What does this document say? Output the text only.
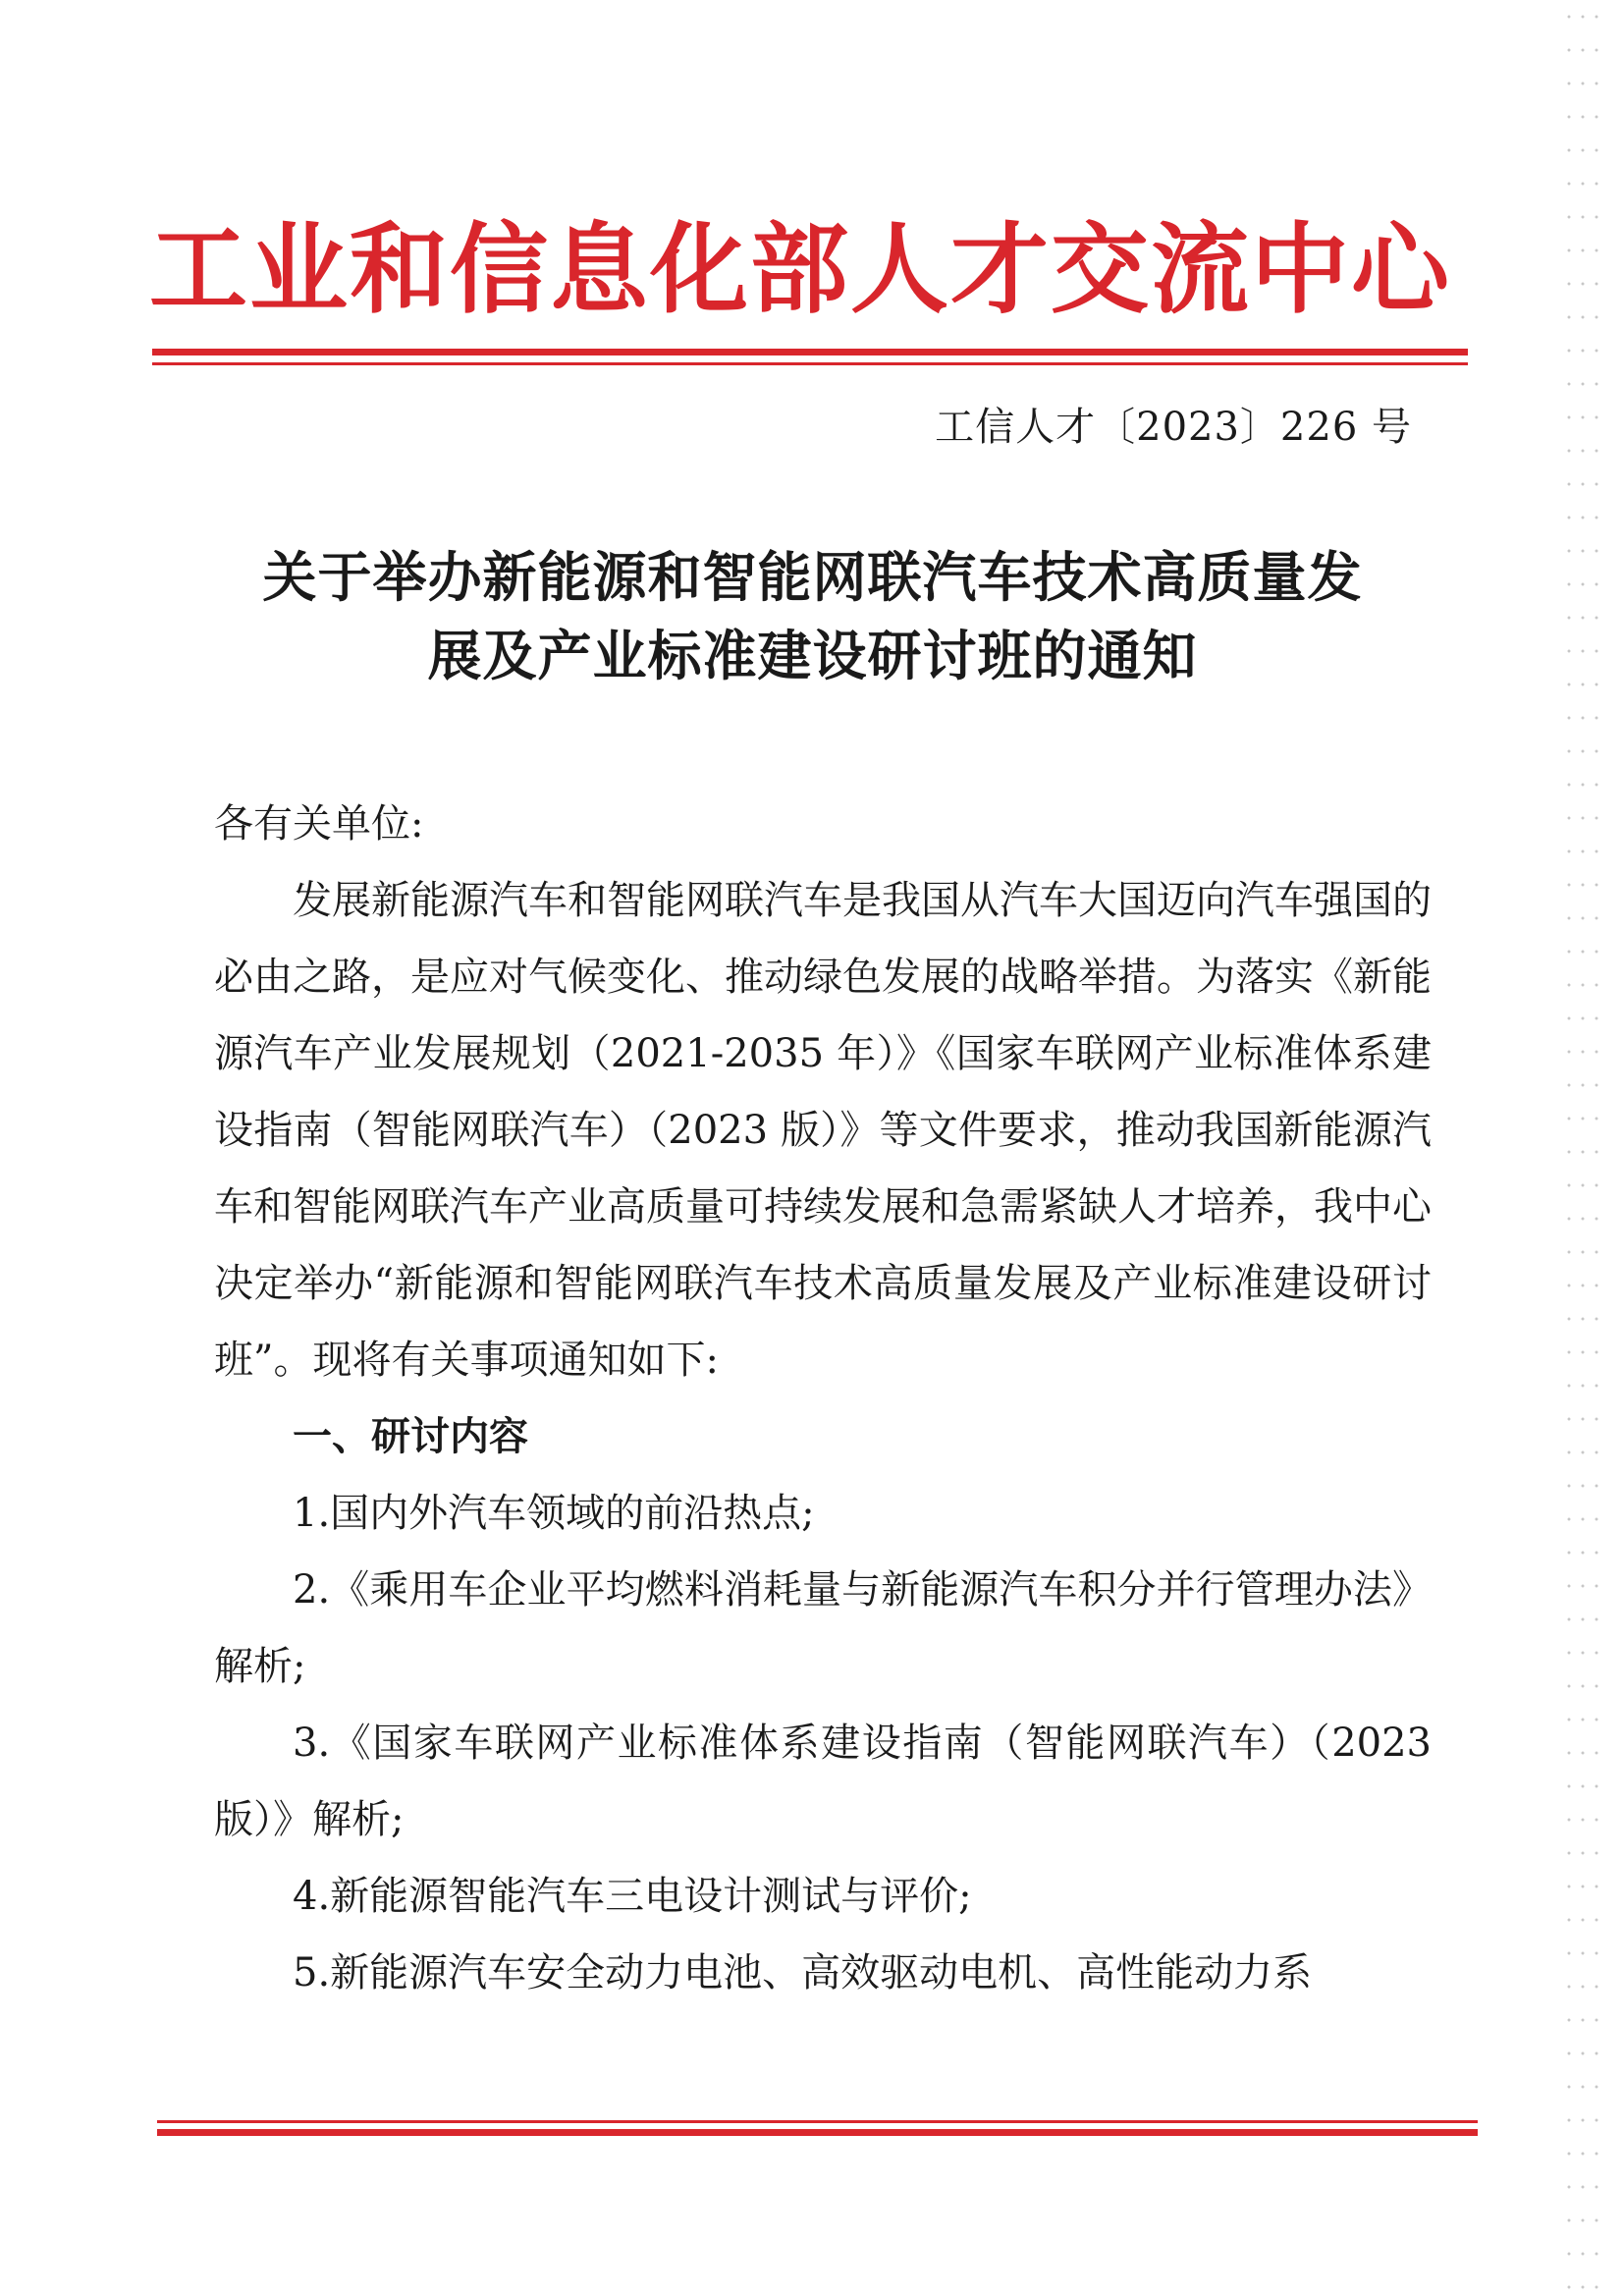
工业和信息化部人才交流中心
工信人才〔2023〕226 号
关于举办新能源和智能网联汽车技术高质量发
展及产业标准建设研讨班的通知

各有关单位:

发展新能源汽车和智能网联汽车是我国从汽车大国迈向汽车强国的必由之路，是应对气候变化、推动绿色发展的战略举措。为落实《新能源汽车产业发展规划（2021-2035 年）》《国家车联网产业标准体系建设指南（智能网联汽车）（2023 版）》等文件要求，推动我国新能源汽车和智能网联汽车产业高质量可持续发展和急需紧缺人才培养，我中心决定举办“新能源和智能网联汽车技术高质量发展及产业标准建设研讨班”。现将有关事项通知如下:

一、研讨内容

1.国内外汽车领域的前沿热点;

2.《乘用车企业平均燃料消耗量与新能源汽车积分并行管理办法》解析;

3.《国家车联网产业标准体系建设指南（智能网联汽车）（2023 版）》解析;

4.新能源智能汽车三电设计测试与评价;

5.新能源汽车安全动力电池、高效驱动电机、高性能动力系
